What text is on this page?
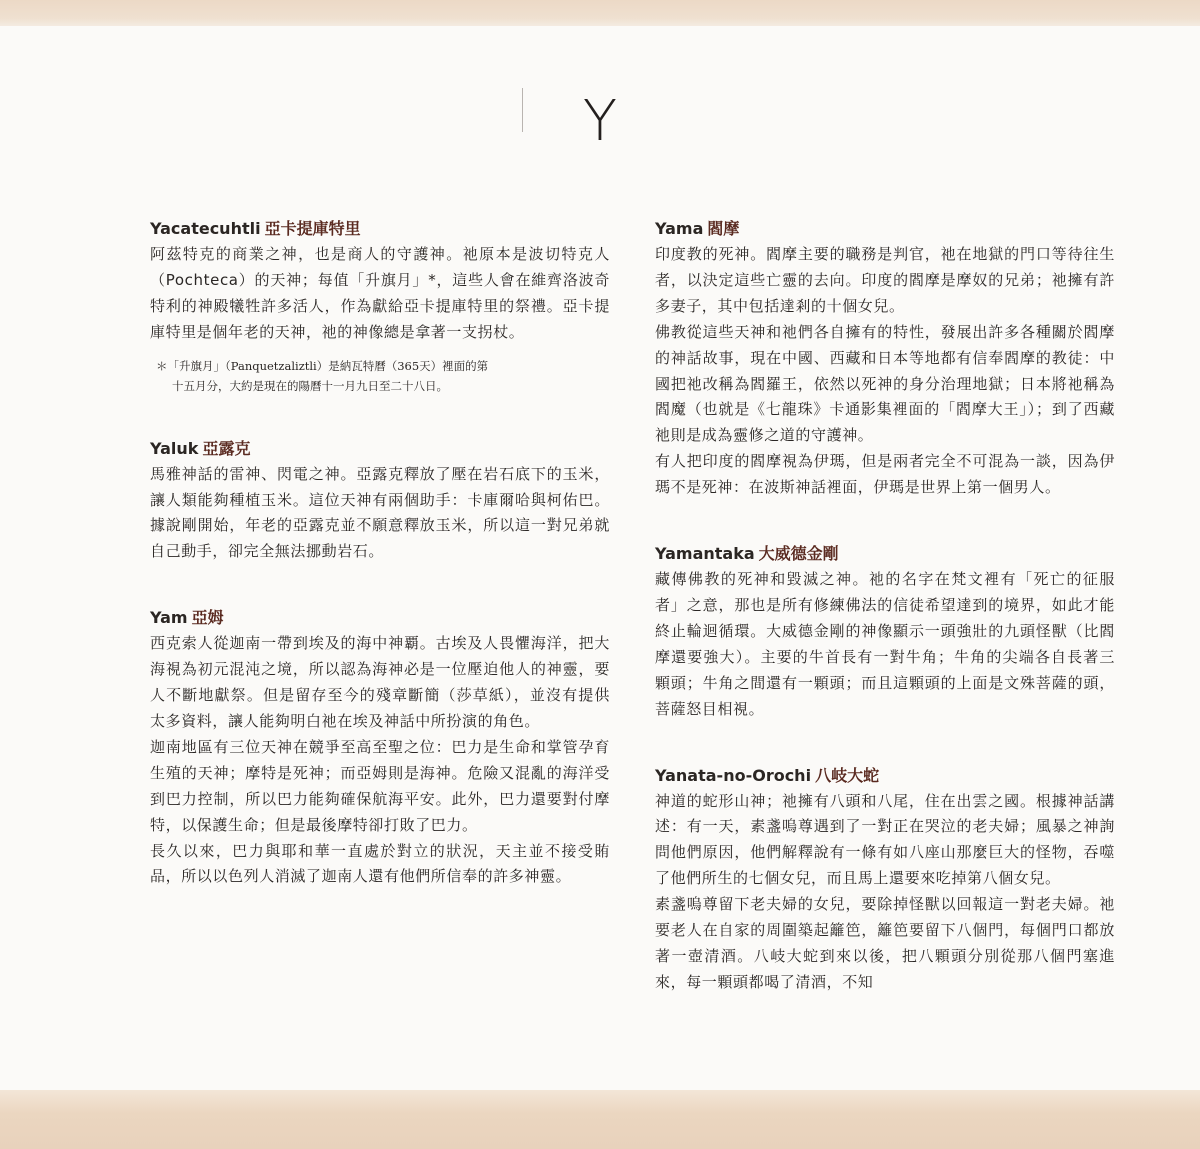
Y
Yacatecuhtli 亞卡提庫特里

阿茲特克的商業之神，也是商人的守護神。祂原本是波切特克人（Pochteca）的天神；每值「升旗月」*，這些人會在維齊洛波奇特利的神殿犧牲許多活人，作為獻給亞卡提庫特里的祭禮。亞卡提庫特里是個年老的天神，祂的神像總是拿著一支拐杖。

＊「升旗月」（Panquetzaliztli）是納瓦特曆（365天）裡面的第
十五月分，大約是現在的陽曆十一月九日至二十八日。
Yaluk 亞露克

馬雅神話的雷神、閃電之神。亞露克釋放了壓在岩石底下的玉米，讓人類能夠種植玉米。這位天神有兩個助手：卡庫爾哈與柯佑巴。據說剛開始，年老的亞露克並不願意釋放玉米，所以這一對兄弟就自己動手，卻完全無法挪動岩石。

Yam 亞姆

西克索人從迦南一帶到埃及的海中神覇。古埃及人畏懼海洋，把大海視為初元混沌之境，所以認為海神必是一位壓迫他人的神靈，要人不斷地獻祭。但是留存至今的殘章斷簡（莎草紙），並沒有提供太多資料，讓人能夠明白祂在埃及神話中所扮演的角色。

迦南地區有三位天神在競爭至高至聖之位：巴力是生命和掌管孕育生殖的天神；摩特是死神；而亞姆則是海神。危險又混亂的海洋受到巴力控制，所以巴力能夠確保航海平安。此外，巴力還要對付摩特，以保護生命；但是最後摩特卻打敗了巴力。

長久以來，巴力與耶和華一直處於對立的狀況，天主並不接受賄品，所以以色列人消滅了迦南人還有他們所信奉的許多神靈。

Yama 閻摩

印度教的死神。閻摩主要的職務是判官，祂在地獄的門口等待往生者，以決定這些亡靈的去向。印度的閻摩是摩奴的兄弟；祂擁有許多妻子，其中包括達剎的十個女兒。

佛教從這些天神和祂們各自擁有的特性，發展出許多各種關於閻摩的神話故事，現在中國、西藏和日本等地都有信奉閻摩的教徒：中國把祂改稱為閻羅王，依然以死神的身分治理地獄；日本將祂稱為閻魔（也就是《七龍珠》卡通影集裡面的「閻摩大王」）；到了西藏祂則是成為靈修之道的守護神。

有人把印度的閻摩視為伊瑪，但是兩者完全不可混為一談，因為伊瑪不是死神：在波斯神話裡面，伊瑪是世界上第一個男人。

Yamantaka 大威德金剛

藏傳佛教的死神和毀滅之神。祂的名字在梵文裡有「死亡的征服者」之意，那也是所有修練佛法的信徒希望達到的境界，如此才能終止輪迴循環。大威德金剛的神像顯示一頭強壯的九頭怪獸（比閻摩還要強大）。主要的牛首長有一對牛角；牛角的尖端各自長著三顆頭；牛角之間還有一顆頭；而且這顆頭的上面是文殊菩薩的頭，菩薩怒目相視。

Yanata-no-Orochi 八岐大蛇

神道的蛇形山神；祂擁有八頭和八尾，住在出雲之國。根據神話講述：有一天，素盞嗚尊遇到了一對正在哭泣的老夫婦；風暴之神詢問他們原因，他們解釋說有一條有如八座山那麼巨大的怪物，吞噬了他們所生的七個女兒，而且馬上還要來吃掉第八個女兒。

素盞嗚尊留下老夫婦的女兒，要除掉怪獸以回報這一對老夫婦。祂要老人在自家的周圍築起籬笆，籬笆要留下八個門，每個門口都放著一壺清酒。八岐大蛇到來以後，把八顆頭分別從那八個門塞進來，每一顆頭都喝了清酒，不知
